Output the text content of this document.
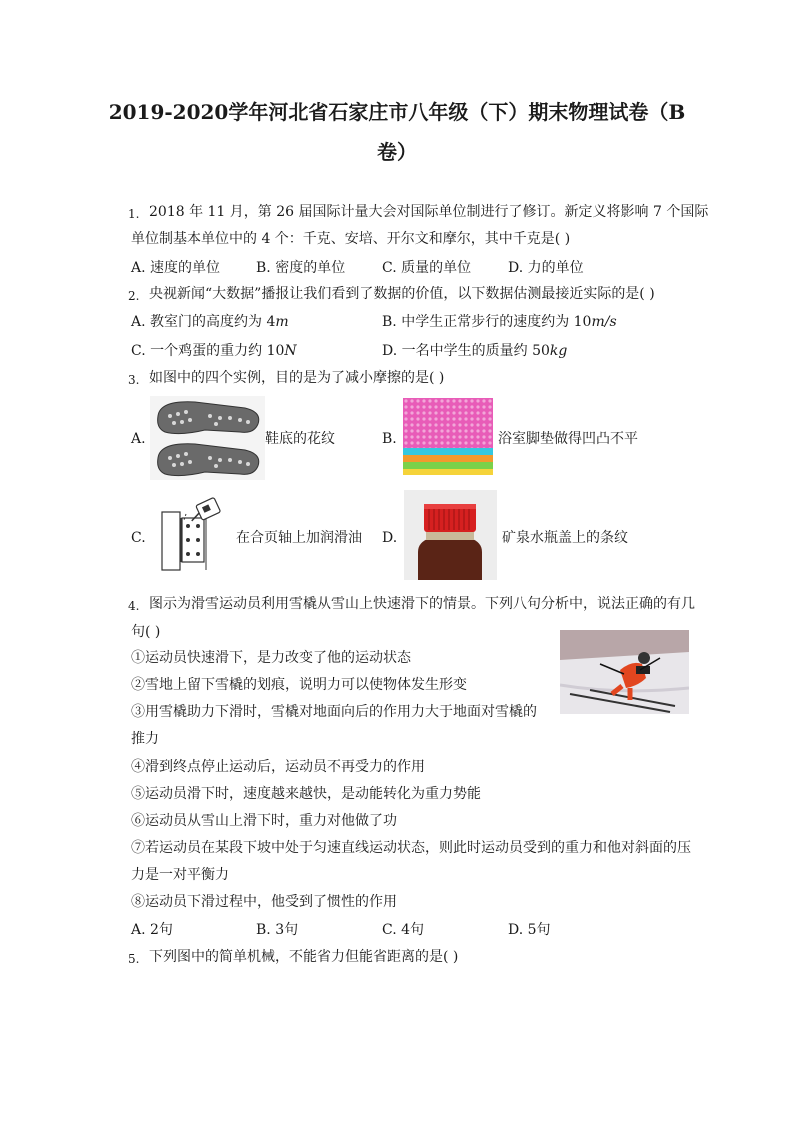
2019-2020学年河北省石家庄市八年级（下）期末物理试卷（B
卷）
1. 2018 年 11 月，第 26 届国际计量大会对国际单位制进行了修订。新定义将影响 7 个国际
单位制基本单位中的 4 个：千克、安培、开尔文和摩尔，其中千克是( )
A. 速度的单位	B. 密度的单位	C. 质量的单位	D. 力的单位
2. 央视新闻“大数据”播报让我们看到了数据的价值，以下数据估测最接近实际的是( )
A. 教室门的高度约为 4m	B. 中学生正常步行的速度约为 10m/s
C. 一个鸡蛋的重力约 10N	D. 一名中学生的质量约 50kg
3. 如图中的四个实例，目的是为了减小摩擦的是( )
A.	鞋底的花纹	B.	浴室脚垫做得凹凸不平
C.	在合页轴上加润滑油 D.	矿泉水瓶盖上的条纹
4. 图示为滑雪运动员利用雪橇从雪山上快速滑下的情景。下列八句分析中，说法正确的有几
句( )
①运动员快速滑下，是力改变了他的运动状态
②雪地上留下雪橇的划痕，说明力可以使物体发生形变
③用雪橇助力下滑时，雪橇对地面向后的作用力大于地面对雪橇的
推力
④滑到终点停止运动后，运动员不再受力的作用
⑤运动员滑下时，速度越来越快，是动能转化为重力势能
⑥运动员从雪山上滑下时，重力对他做了功
⑦若运动员在某段下坡中处于匀速直线运动状态，则此时运动员受到的重力和他对斜面的压
力是一对平衡力
⑧运动员下滑过程中，他受到了惯性的作用
A. 2句	B. 3句	C. 4句	D. 5句
5. 下列图中的简单机械，不能省力但能省距离的是( )
